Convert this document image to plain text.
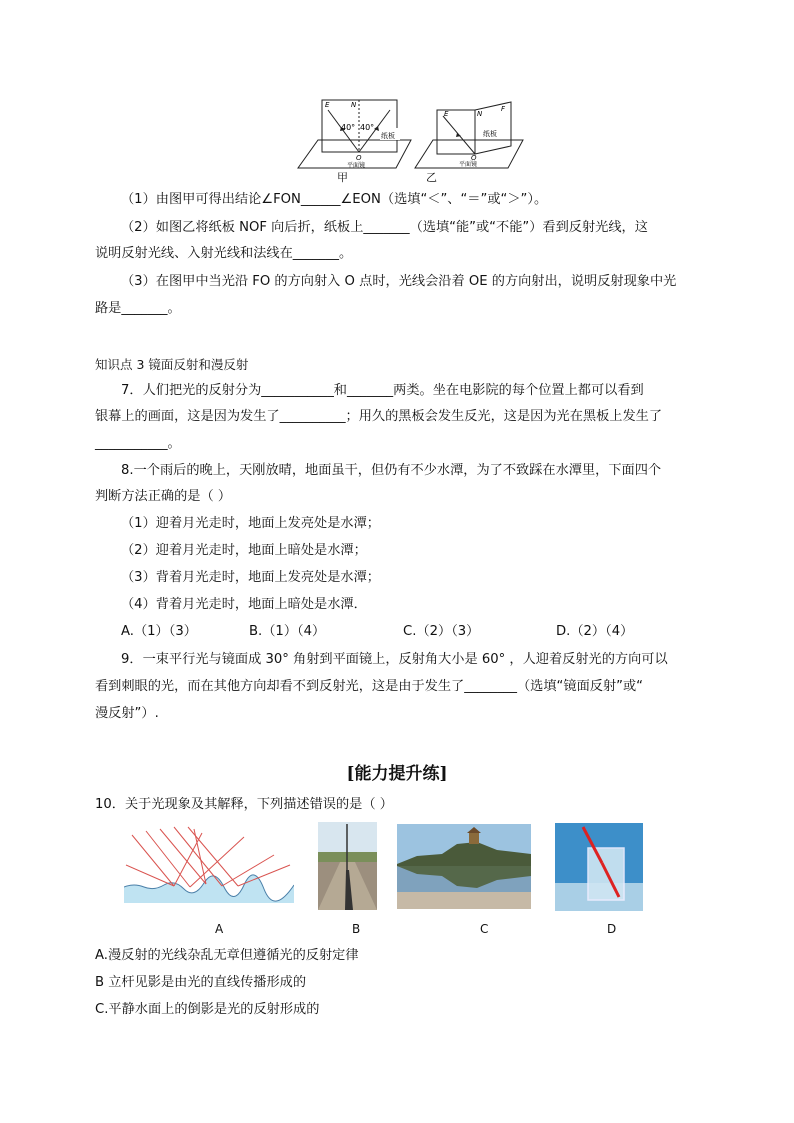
E	N
40° 40°
纸板
O
平面镜
E	N
F
纸板
O
平面镜
甲	乙
（1）由图甲可得出结论∠FON______∠EON（选填“＜”、“＝”或“＞”）。
（2）如图乙将纸板 NOF 向后折，纸板上_______（选填“能”或“不能”）看到反射光线，这
说明反射光线、入射光线和法线在_______。
（3）在图甲中当光沿 FO 的方向射入 O 点时，光线会沿着 OE 的方向射出，说明反射现象中光
路是_______。
知识点 3 镜面反射和漫反射
7．人们把光的反射分为___________和_______两类。坐在电影院的每个位置上都可以看到
银幕上的画面，这是因为发生了__________；用久的黑板会发生反光，这是因为光在黑板上发生了
___________。
8.一个雨后的晚上，天刚放晴，地面虽干，但仍有不少水潭，为了不致踩在水潭里，下面四个
判断方法正确的是（ ）
（1）迎着月光走时，地面上发亮处是水潭；
（2）迎着月光走时，地面上暗处是水潭；
（3）背着月光走时，地面上发亮处是水潭；
（4）背着月光走时，地面上暗处是水潭．
A.（1）（3）	B.（1）（4）	C.（2）（3）	D.（2）（4）
9．一束平行光与镜面成 30° 角射到平面镜上，反射角大小是 60° ，人迎着反射光的方向可以
看到刺眼的光，而在其他方向却看不到反射光，这是由于发生了________（选填“镜面反射”或“
漫反射”）.
[能力提升练]
10．关于光现象及其解释，下列描述错误的是（ ）
A	B	C	D
A.漫反射的光线杂乱无章但遵循光的反射定律
B 立杆见影是由光的直线传播形成的
C.平静水面上的倒影是光的反射形成的
